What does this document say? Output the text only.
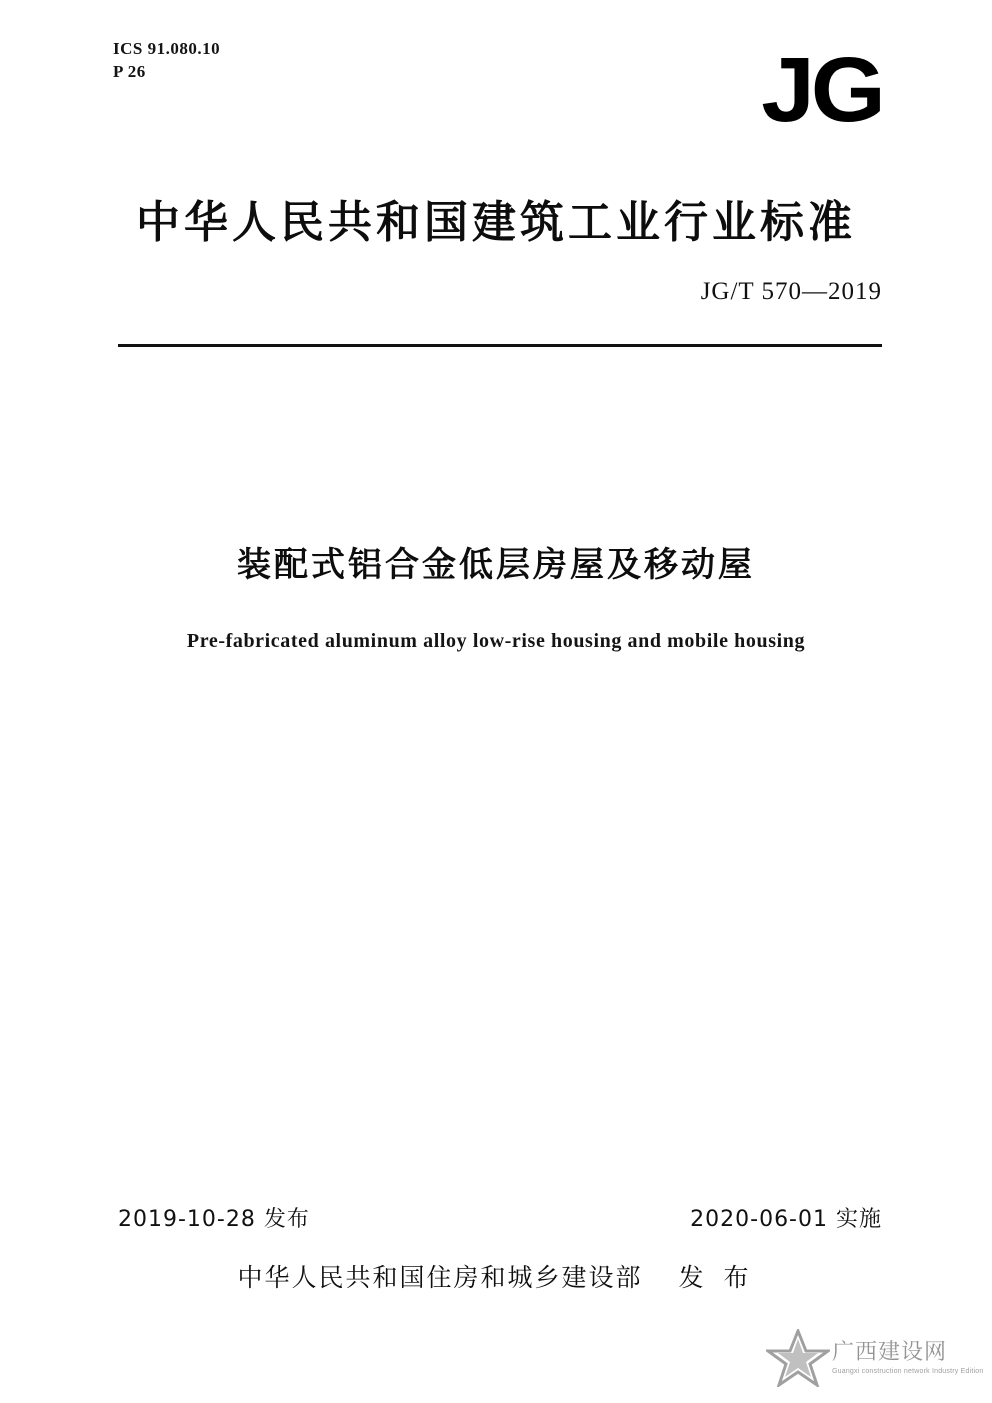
ICS 91.080.10
P 26	JG
中华人民共和国建筑工业行业标准
JG/T 570—2019
装配式铝合金低层房屋及移动屋
Pre-fabricated aluminum alloy low-rise housing and mobile housing
2019-10-28 发布	2020-06-01 实施
中华人民共和国住房和城乡建设部 发 布
广西建设网
Guangxi construction network Industry Edition
